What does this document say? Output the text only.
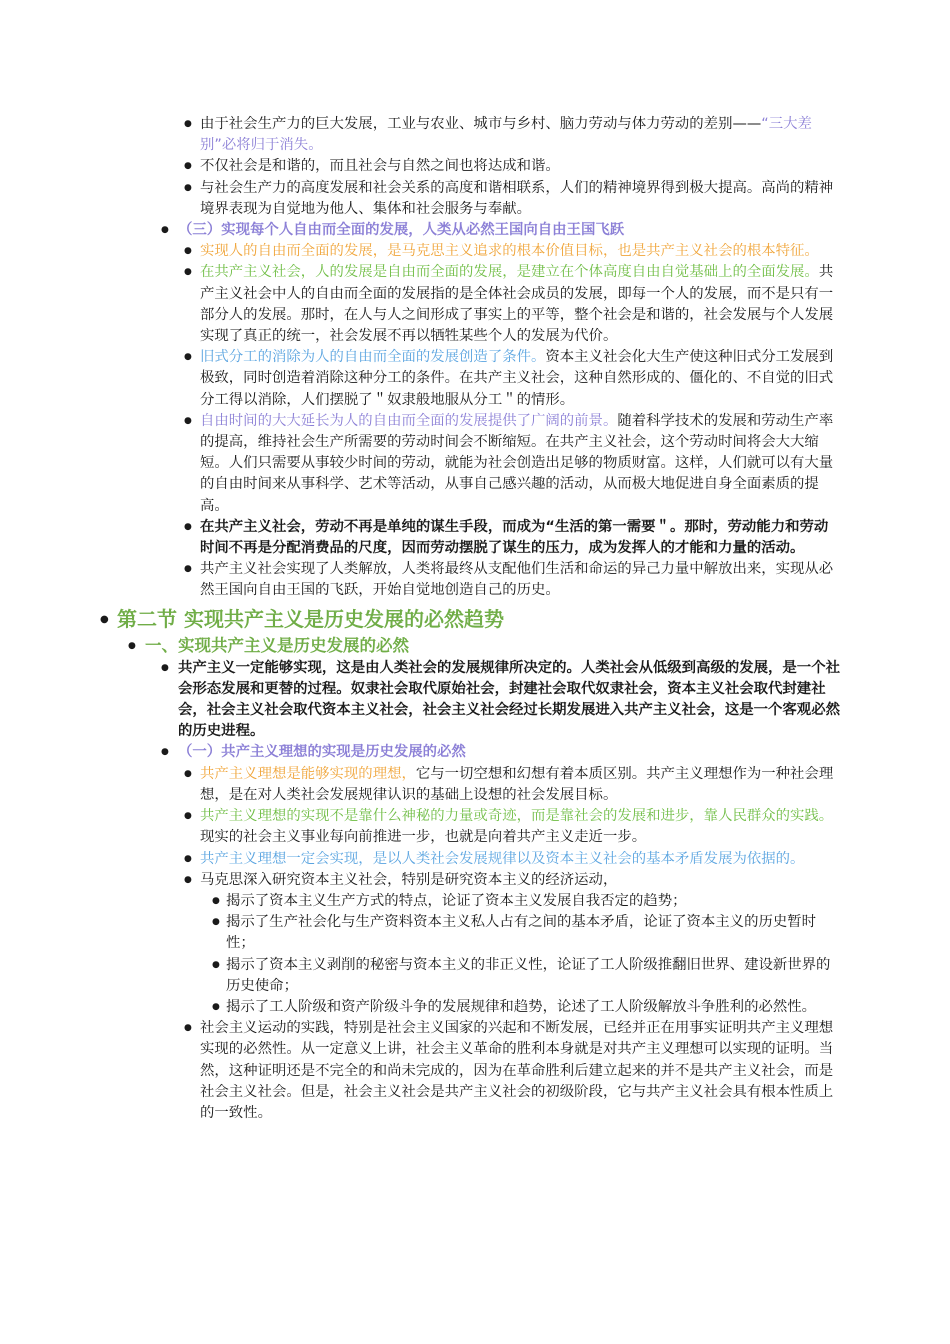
● 由于社会生产力的巨大发展，工业与农业、城市与乡村、脑力劳动与体力劳动的差别——“三大差别”必将归于消失。
● 不仅社会是和谐的，而且社会与自然之间也将达成和谐。
● 与社会生产力的高度发展和社会关系的高度和谐相联系，人们的精神境界得到极大提高。高尚的精神境界表现为自觉地为他人、集体和社会服务与奉献。
● （三）实现每个人自由而全面的发展，人类从必然王国向自由王国飞跃
● 实现人的自由而全面的发展，是马克思主义追求的根本价值目标，也是共产主义社会的根本特征。
● 在共产主义社会，人的发展是自由而全面的发展，是建立在个体高度自由自觉基础上的全面发展。共产主义社会中人的自由而全面的发展指的是全体社会成员的发展，即每一个人的发展，而不是只有一部分人的发展。那时，在人与人之间形成了事实上的平等，整个社会是和谐的，社会发展与个人发展实现了真正的统一，社会发展不再以牺牲某些个人的发展为代价。
● 旧式分工的消除为人的自由而全面的发展创造了条件。资本主义社会化大生产使这种旧式分工发展到极致，同时创造着消除这种分工的条件。在共产主义社会，这种自然形成的、僵化的、不自觉的旧式分工得以消除，人们摆脱了＂奴隶般地服从分工＂的情形。
● 自由时间的大大延长为人的自由而全面的发展提供了广阔的前景。随着科学技术的发展和劳动生产率的提高，维持社会生产所需要的劳动时间会不断缩短。在共产主义社会，这个劳动时间将会大大缩短。人们只需要从事较少时间的劳动，就能为社会创造出足够的物质财富。这样，人们就可以有大量的自由时间来从事科学、艺术等活动，从事自己感兴趣的活动，从而极大地促进自身全面素质的提高。
● 在共产主义社会，劳动不再是单纯的谋生手段，而成为“生活的第一需要＂。那时，劳动能力和劳动时间不再是分配消费品的尺度，因而劳动摆脱了谋生的压力，成为发挥人的才能和力量的活动。
● 共产主义社会实现了人类解放，人类将最终从支配他们生活和命运的异己力量中解放出来，实现从必然王国向自由王国的飞跃，开始自觉地创造自己的历史。
● 第二节 实现共产主义是历史发展的必然趋势
● 一、实现共产主义是历史发展的必然
● 共产主义一定能够实现，这是由人类社会的发展规律所决定的。人类社会从低级到高级的发展，是一个社会形态发展和更替的过程。奴隶社会取代原始社会，封建社会取代奴隶社会，资本主义社会取代封建社会，社会主义社会取代资本主义社会，社会主义社会经过长期发展进入共产主义社会，这是一个客观必然的历史进程。
● （一）共产主义理想的实现是历史发展的必然
● 共产主义理想是能够实现的理想，它与一切空想和幻想有着本质区别。共产主义理想作为一种社会理想，是在对人类社会发展规律认识的基础上设想的社会发展目标。
● 共产主义理想的实现不是靠什么神秘的力量或奇迹，而是靠社会的发展和进步，靠人民群众的实践。现实的社会主义事业每向前推进一步，也就是向着共产主义走近一步。
● 共产主义理想一定会实现，是以人类社会发展规律以及资本主义社会的基本矛盾发展为依据的。
● 马克思深入研究资本主义社会，特别是研究资本主义的经济运动，
● 揭示了资本主义生产方式的特点，论证了资本主义发展自我否定的趋势；
● 揭示了生产社会化与生产资料资本主义私人占有之间的基本矛盾，论证了资本主义的历史暂时性；
● 揭示了资本主义剥削的秘密与资本主义的非正义性，论证了工人阶级推翻旧世界、建设新世界的历史使命；
● 揭示了工人阶级和资产阶级斗争的发展规律和趋势，论述了工人阶级解放斗争胜利的必然性。
● 社会主义运动的实践，特别是社会主义国家的兴起和不断发展，已经并正在用事实证明共产主义理想实现的必然性。从一定意义上讲，社会主义革命的胜利本身就是对共产主义理想可以实现的证明。当然，这种证明还是不完全的和尚未完成的，因为在革命胜利后建立起来的并不是共产主义社会，而是社会主义社会。但是，社会主义社会是共产主义社会的初级阶段，它与共产主义社会具有根本性质上的一致性。
